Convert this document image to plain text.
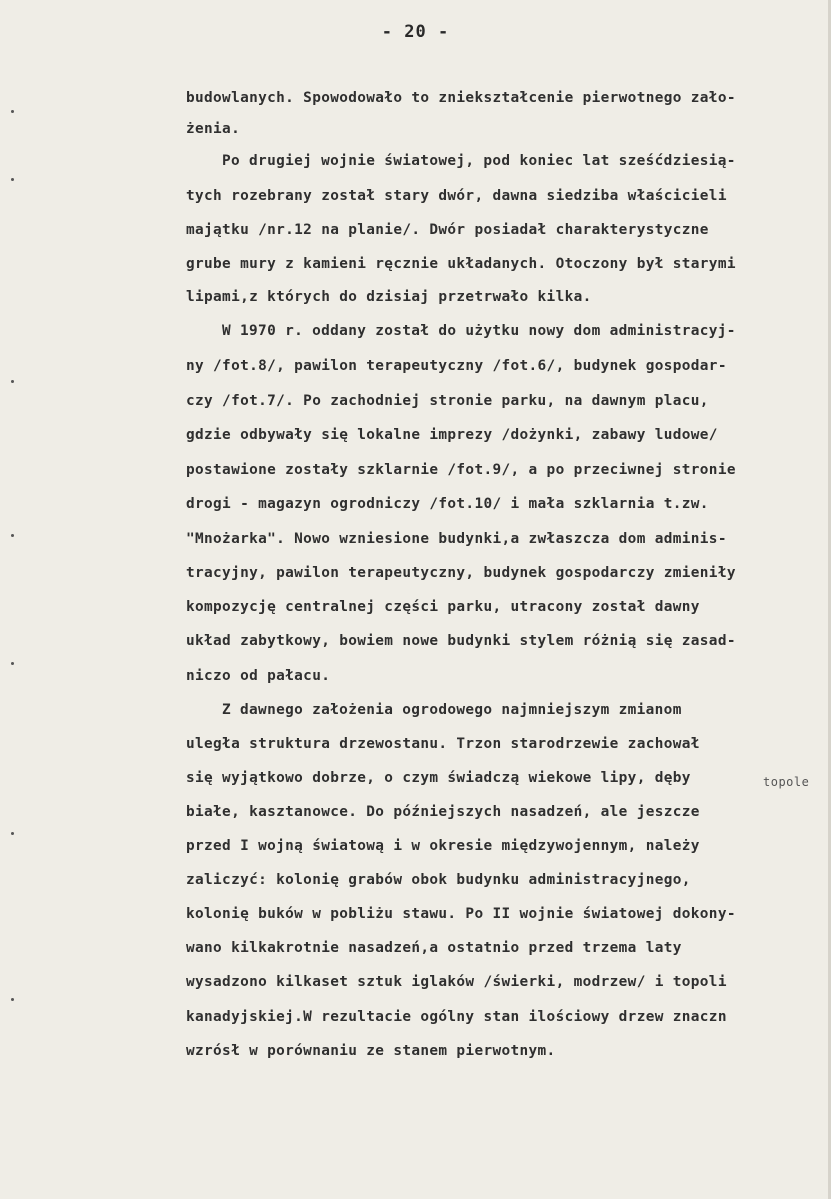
- 20 -
budowlanych. Spowodowało to zniekształcenie pierwotnego zało-
żenia.
Po drugiej wojnie światowej, pod koniec lat sześćdziesią-
tych rozebrany został stary dwór, dawna siedziba właścicieli
majątku /nr.12 na planie/. Dwór posiadał charakterystyczne
grube mury z kamieni ręcznie układanych. Otoczony był starymi
lipami,z których do dzisiaj przetrwało kilka.
W 1970 r. oddany został do użytku nowy dom administracyj-
ny /fot.8/, pawilon terapeutyczny /fot.6/, budynek gospodar-
czy /fot.7/. Po zachodniej stronie parku, na dawnym placu,
gdzie odbywały się lokalne imprezy /dożynki, zabawy ludowe/
postawione zostały szklarnie /fot.9/, a po przeciwnej stronie
drogi - magazyn ogrodniczy /fot.10/ i mała szklarnia t.zw.
"Mnożarka". Nowo wzniesione budynki,a zwłaszcza dom adminis-
tracyjny, pawilon terapeutyczny, budynek gospodarczy zmieniły
kompozycję centralnej części parku, utracony został dawny
układ zabytkowy, bowiem nowe budynki stylem różnią się zasad-
niczo od pałacu.
Z dawnego założenia ogrodowego najmniejszym zmianom
uległa struktura drzewostanu. Trzon starodrzewie zachował
się wyjątkowo dobrze, o czym świadczą wiekowe lipy, dęby
białe, kasztanowce. Do późniejszych nasadzeń, ale jeszcze
przed I wojną światową i w okresie międzywojennym, należy
zaliczyć: kolonię grabów obok budynku administracyjnego,
kolonię buków w pobliżu stawu. Po II wojnie światowej dokony-
wano kilkakrotnie nasadzeń,a ostatnio przed trzema laty
wysadzono kilkaset sztuk iglaków /świerki, modrzew/ i topoli
kanadyjskiej.W rezultacie ogólny stan ilościowy drzew znaczn
wzrósł w porównaniu ze stanem pierwotnym.
topole
